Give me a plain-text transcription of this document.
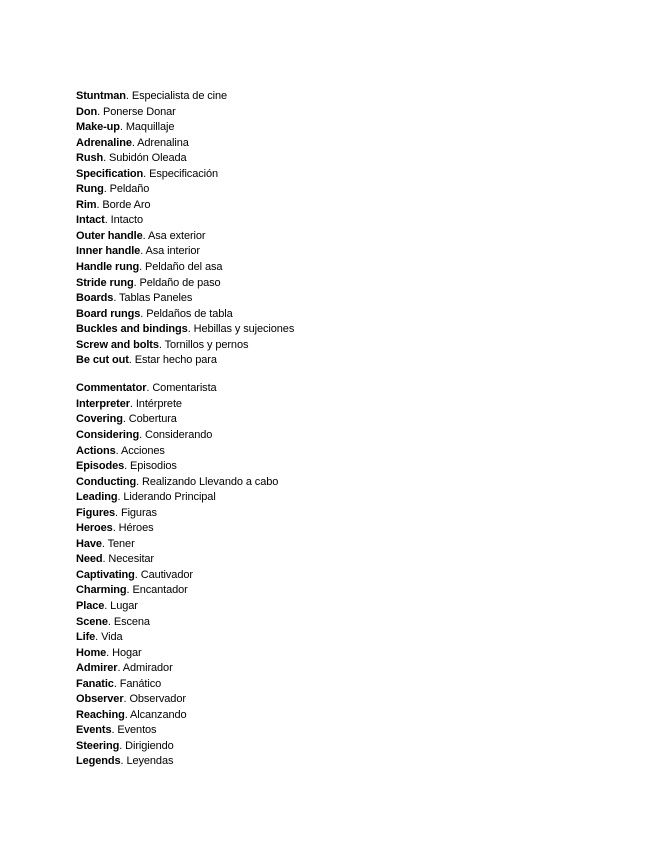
Stuntman. Especialista de cine
Don. Ponerse Donar
Make-up. Maquillaje
Adrenaline. Adrenalina
Rush. Subidón Oleada
Specification. Especificación
Rung. Peldaño
Rim. Borde Aro
Intact. Intacto
Outer handle. Asa exterior
Inner handle. Asa interior
Handle rung. Peldaño del asa
Stride rung. Peldaño de paso
Boards. Tablas Paneles
Board rungs. Peldaños de tabla
Buckles and bindings. Hebillas y sujeciones
Screw and bolts. Tornillos y pernos
Be cut out. Estar hecho para
Commentator. Comentarista
Interpreter. Intérprete
Covering. Cobertura
Considering. Considerando
Actions. Acciones
Episodes. Episodios
Conducting. Realizando Llevando a cabo
Leading. Liderando Principal
Figures. Figuras
Heroes. Héroes
Have. Tener
Need. Necesitar
Captivating. Cautivador
Charming. Encantador
Place. Lugar
Scene. Escena
Life. Vida
Home. Hogar
Admirer. Admirador
Fanatic. Fanático
Observer. Observador
Reaching. Alcanzando
Events. Eventos
Steering. Dirigiendo
Legends. Leyendas
